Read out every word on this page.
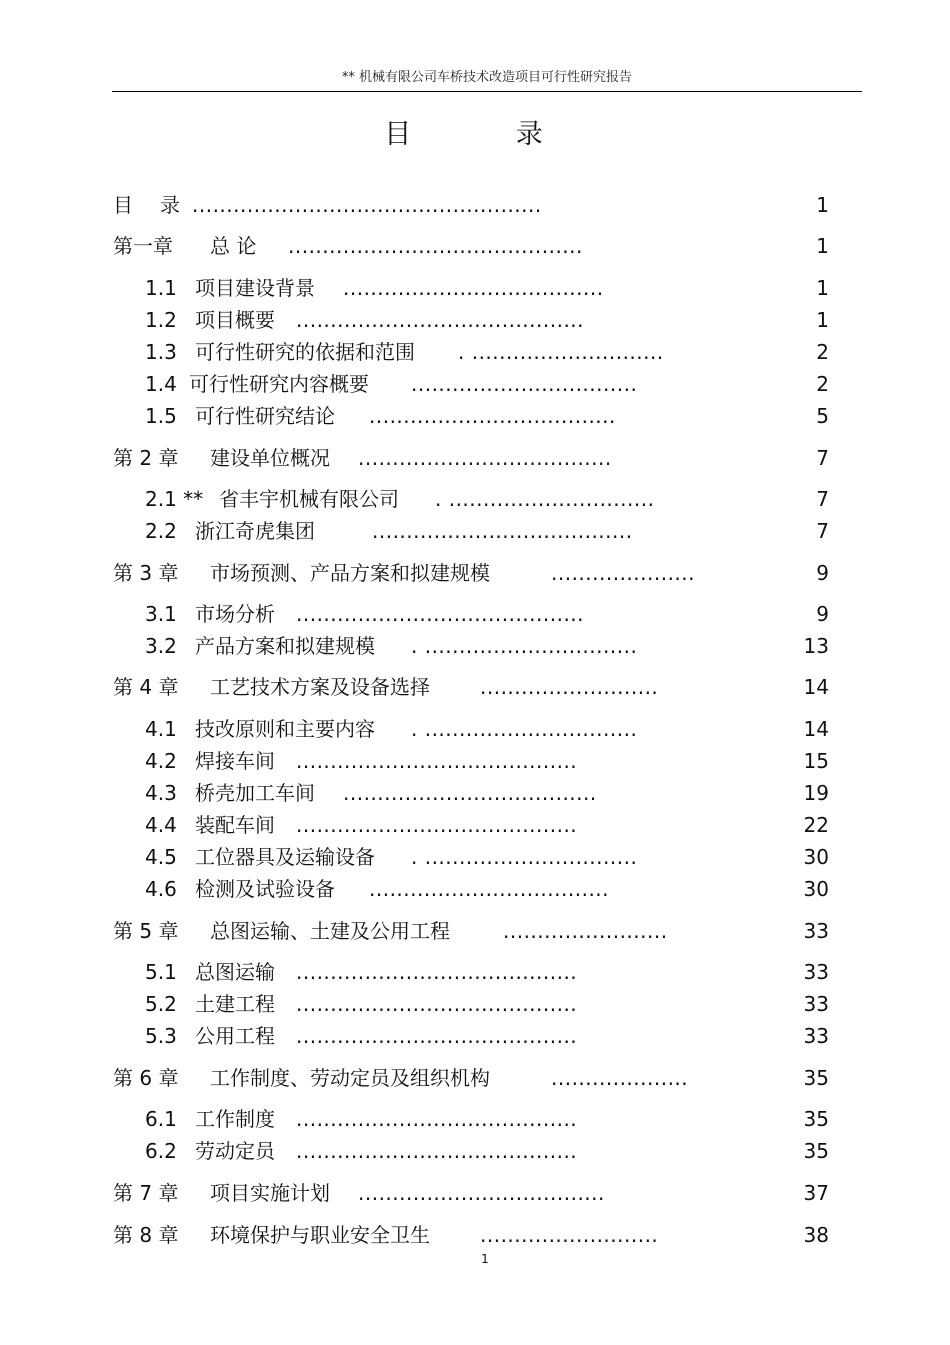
** 机械有限公司车桥技术改造项目可行性研究报告
目 录
目 录 ...................................................	1
第一章 总 论 ...........................................	1
1.1 项目建设背景 ......................................	1
1.2 项目概要 ..........................................	1
1.3 可行性研究的依据和范围 . ............................	2
1.4 可行性研究内容概要 .................................	2
1.5 可行性研究结论 ....................................	5
第 2 章 建设单位概况 .....................................	7
2.1 ** 省丰宇机械有限公司 . ..............................	7
2.2 浙江奇虎集团	......................................	7
第 3 章 市场预测、产品方案和拟建规模	.....................	9
3.1 市场分析 ..........................................	9
3.2 产品方案和拟建规模 . ...............................	13
第 4 章 工艺技术方案及设备选择	..........................	14
4.1 技改原则和主要内容 . ...............................	14
4.2 焊接车间 .........................................	15
4.3 桥壳加工车间 .....................................	19
4.4 装配车间 .........................................	22
4.5 工位器具及运输设备 . ...............................	30
4.6 检测及试验设备 ...................................	30
第 5 章 总图运输、土建及公用工程	........................	33
5.1 总图运输 .........................................	33
5.2 土建工程 .........................................	33
5.3 公用工程 .........................................	33
第 6 章 工作制度、劳动定员及组织机构	....................	35
6.1 工作制度 .........................................	35
6.2 劳动定员 .........................................	35
第 7 章 项目实施计划 ....................................	37
第 8 章 环境保护与职业安全卫生	..........................	38
1
